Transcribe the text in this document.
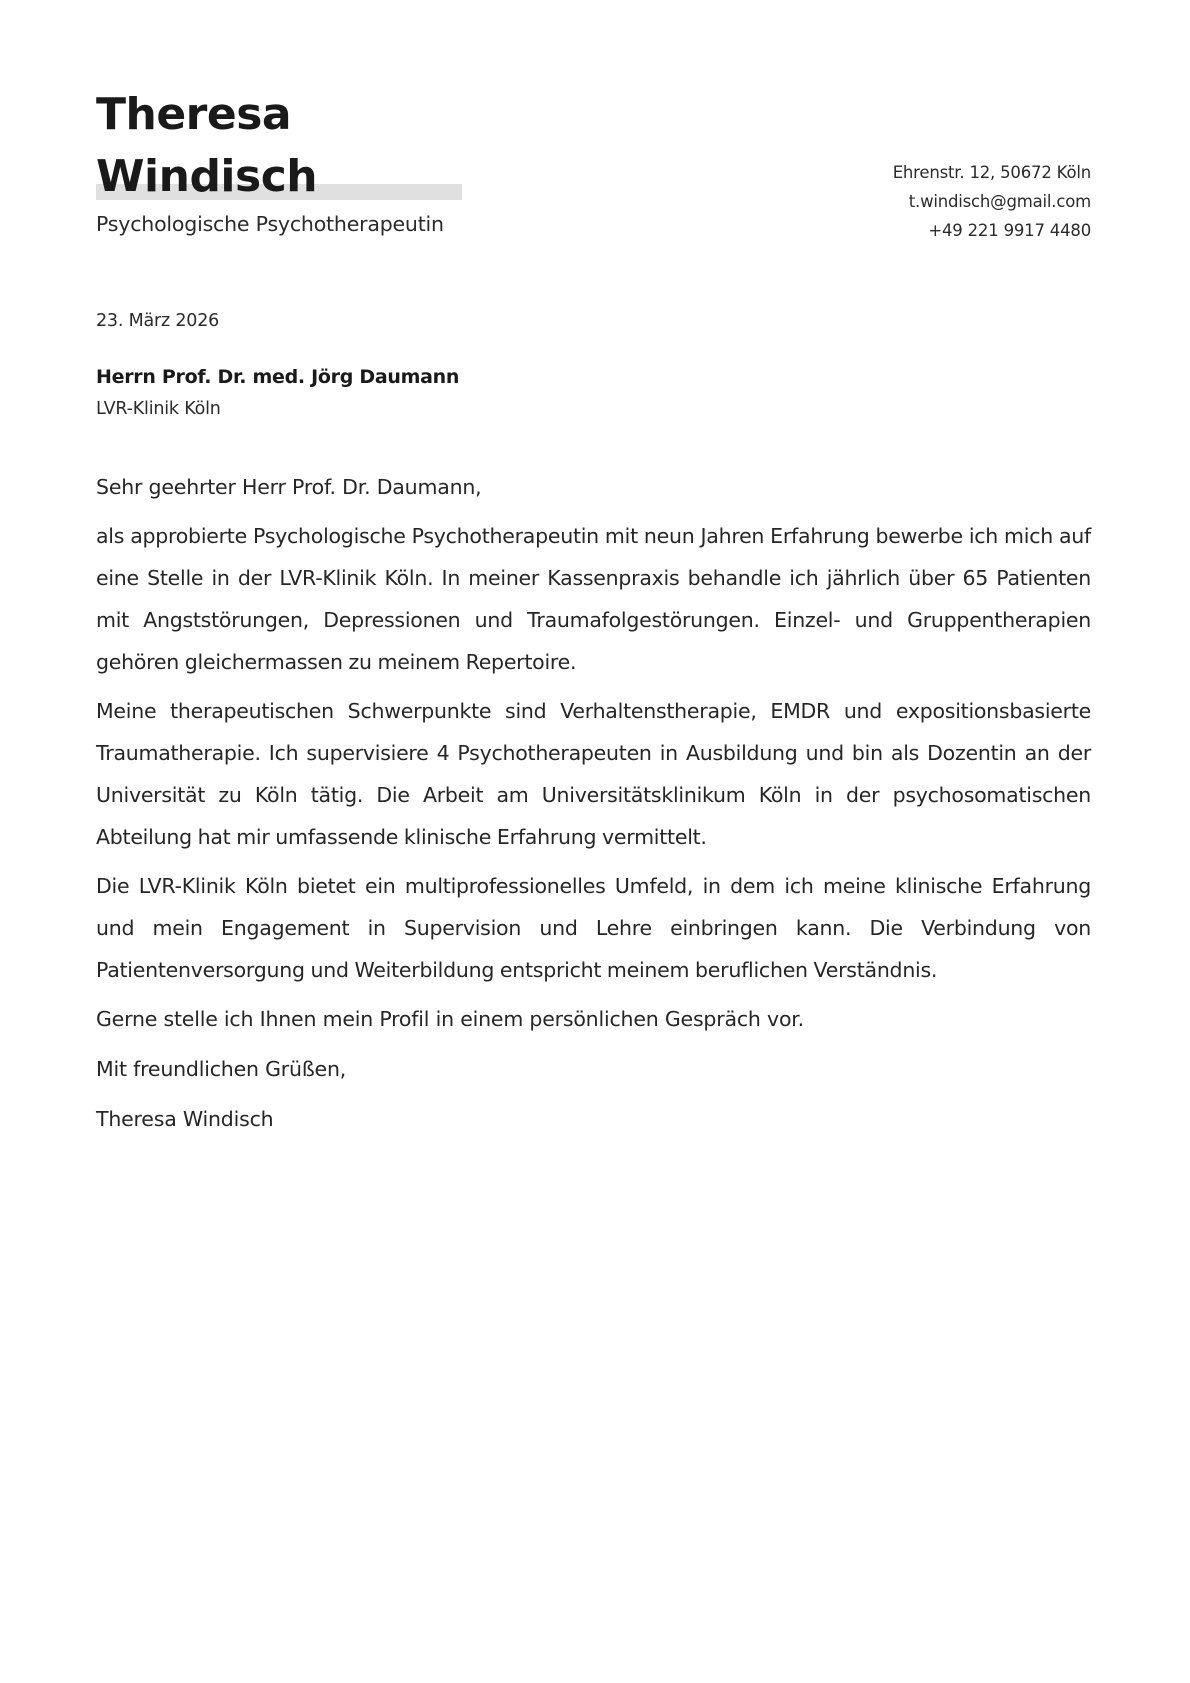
Theresa
Windisch
Psychologische Psychotherapeutin
Ehrenstr. 12, 50672 Köln
t.windisch@gmail.com
+49 221 9917 4480
23. März 2026
Herrn Prof. Dr. med. Jörg Daumann
LVR-Klinik Köln

Sehr geehrter Herr Prof. Dr. Daumann,

als approbierte Psychologische Psychotherapeutin mit neun Jahren Erfahrung bewerbe ich mich auf eine Stelle in der LVR-Klinik Köln. In meiner Kassenpraxis behandle ich jährlich über 65 Patienten mit Angststörungen, Depressionen und Traumafolgestörungen. Einzel- und Gruppentherapien gehören gleichermassen zu meinem Repertoire.

Meine therapeutischen Schwerpunkte sind Verhaltenstherapie, EMDR und expositionsbasierte Traumatherapie. Ich supervisiere 4 Psychotherapeuten in Ausbildung und bin als Dozentin an der Universität zu Köln tätig. Die Arbeit am Universitätsklinikum Köln in der psychosomatischen Abteilung hat mir umfassende klinische Erfahrung vermittelt.

Die LVR-Klinik Köln bietet ein multiprofessionelles Umfeld, in dem ich meine klinische Erfahrung und mein Engagement in Supervision und Lehre einbringen kann. Die Verbindung von Patientenversorgung und Weiterbildung entspricht meinem beruflichen Verständnis.

Gerne stelle ich Ihnen mein Profil in einem persönlichen Gespräch vor.

Mit freundlichen Grüßen,

Theresa Windisch
